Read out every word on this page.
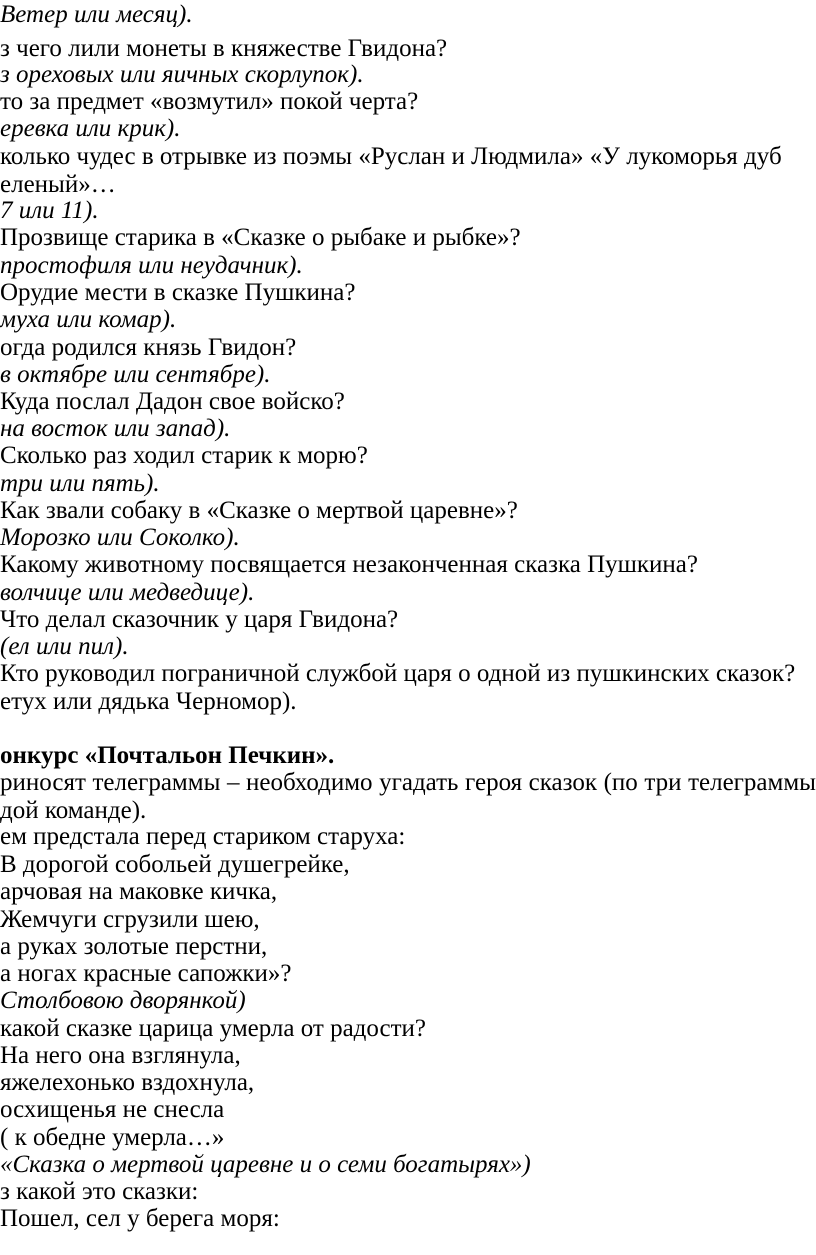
Ветер или месяц).
з чего лили монеты в княжестве Гвидона?
з ореховых или яичных скорлупок).
то за предмет «возмутил» покой черта?
еревка или крик).
колько чудес в отрывке из поэмы «Руслан и Людмила» «У лукоморья дуб
еленый»…
7 или 11).
Прозвище старика в «Сказке о рыбаке и рыбке»?
простофиля или неудачник).
Орудие мести в сказке Пушкина?
муха или комар).
огда родился князь Гвидон?
в октябре или сентябре).
Куда послал Дадон свое войско?
на восток или запад).
Сколько раз ходил старик к морю?
три или пять).
Как звали собаку в «Сказке о мертвой царевне»?
Морозко или Соколко).
Какому животному посвящается незаконченная сказка Пушкина?
волчице или медведице).
Что делал сказочник у царя Гвидона?
(ел или пил).
Кто руководил пограничной службой царя о одной из пушкинских сказок?
етух или дядька Черномор).
онкурс «Почтальон Печкин».
риносят телеграммы – необходимо угадать героя сказок (по три телеграммы
дой команде).
ем предстала перед стариком старуха:
В дорогой собольей душегрейке,
арчовая на маковке кичка,
Жемчуги сгрузили шею,
а руках золотые перстни,
а ногах красные сапожки»?
Столбовою дворянкой)
какой сказке царица умерла от радости?
На него она взглянула,
яжелехонько вздохнула,
осхищенья не снесла
( к обедне умерла…»
«Сказка о мертвой царевне и о семи богатырях»)
з какой это сказки:
Пошел, сел у берега моря:
